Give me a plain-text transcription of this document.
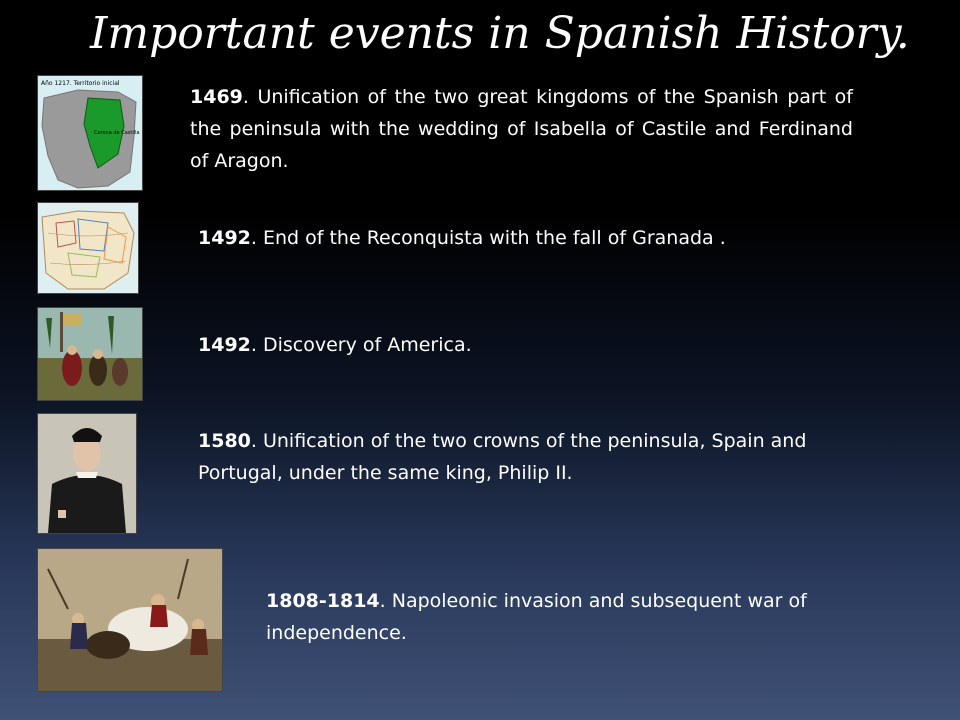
Important events in Spanish History.
Año 1217. Territorio inicial
Corona de Castilla
1469. Unification of the two great kingdoms of the Spanish part of the peninsula with the wedding of Isabella of Castile and Ferdinand of Aragon.
1492. End of the Reconquista with the fall of Granada .
1492. Discovery of America.
1580. Unification of the two crowns of the peninsula, Spain and Portugal, under the same king, Philip II.
1808-1814. Napoleonic invasion and subsequent war of independence.
